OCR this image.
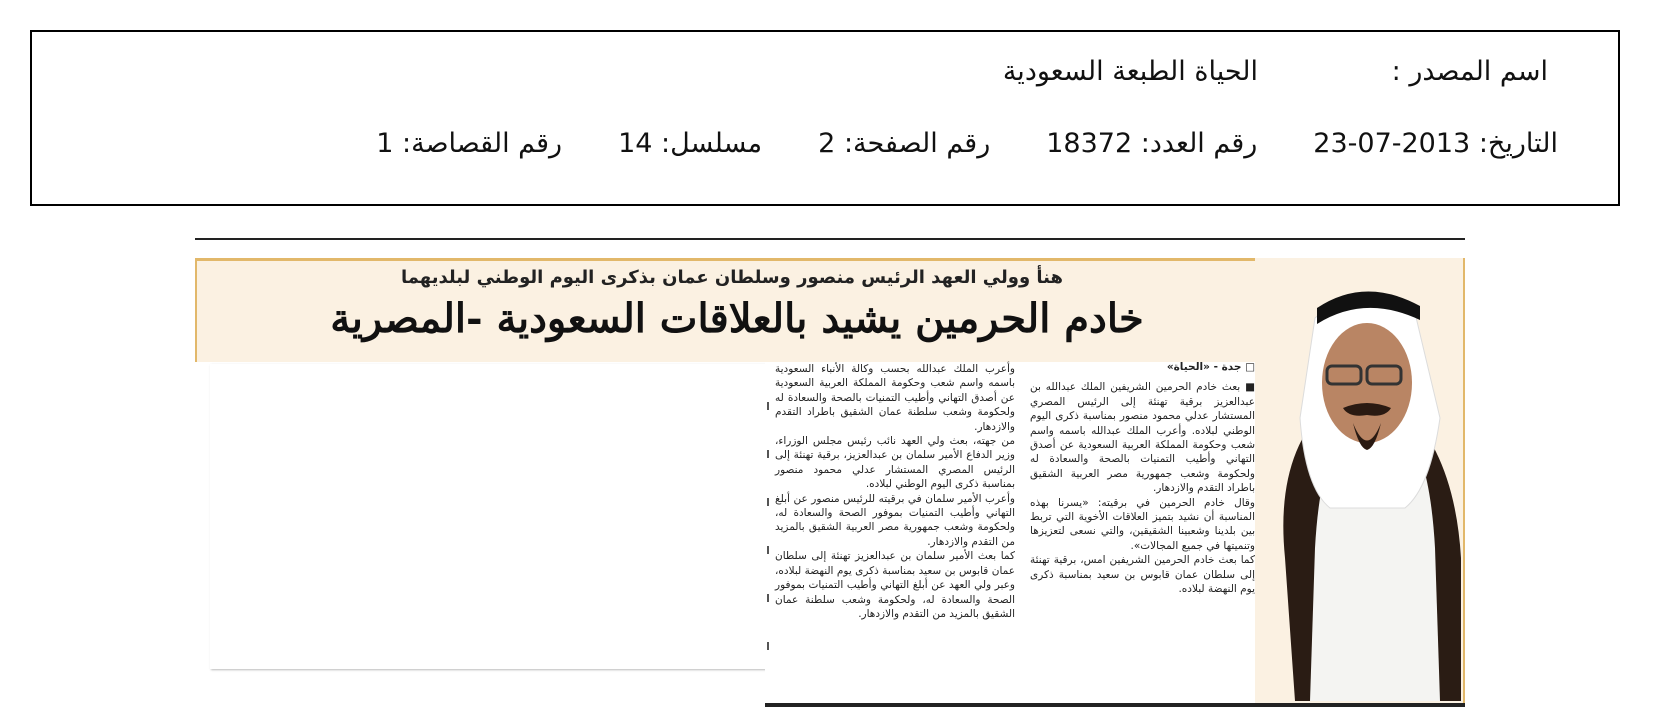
اسم المصدر :الحياة الطبعة السعودية
التاريخ: 23-07-2013رقم العدد: 18372رقم الصفحة: 2مسلسل: 14رقم القصاصة: 1
هنأ وولي العهد الرئيس منصور وسلطان عمان بذكرى اليوم الوطني لبلديهما
خادم الحرمين يشيد بالعلاقات السعودية -المصرية
□ جدة - «الحياة»

■ بعث خادم الحرمين الشريفين الملك عبدالله بن عبدالعزيز برقية تهنئة إلى الرئيس المصري المستشار عدلي محمود منصور بمناسبة ذكرى اليوم الوطني لبلاده. وأعرب الملك عبدالله باسمه واسم شعب وحكومة المملكة العربية السعودية عن أصدق التهاني وأطيب التمنيات بالصحة والسعادة له ولحكومة وشعب جمهورية مصر العربية الشقيق باطراد التقدم والازدهار.

وقال خادم الحرمين في برقيته: «يسرنا بهذه المناسبة أن نشيد بتميز العلاقات الأخوية التي تربط بين بلدينا وشعبينا الشقيقين، والتي نسعى لتعزيزها وتنميتها في جميع المجالات».

كما بعث خادم الحرمين الشريفين امس، برقية تهنئة إلى سلطان عمان قابوس بن سعيد بمناسبة ذكرى يوم النهضة لبلاده.

وأعرب الملك عبدالله بحسب وكالة الأنباء السعودية باسمه واسم شعب وحكومة المملكة العربية السعودية عن أصدق التهاني وأطيب التمنيات بالصحة والسعادة له ولحكومة وشعب سلطنة عمان الشقيق باطراد التقدم والازدهار.

من جهته، بعث ولي العهد نائب رئيس مجلس الوزراء، وزير الدفاع الأمير سلمان بن عبدالعزيز، برقية تهنئة إلى الرئيس المصري المستشار عدلي محمود منصور بمناسبة ذكرى اليوم الوطني لبلاده.

وأعرب الأمير سلمان في برقيته للرئيس منصور عن أبلغ التهاني وأطيب التمنيات بموفور الصحة والسعادة له، ولحكومة وشعب جمهورية مصر العربية الشقيق بالمزيد من التقدم والازدهار.

كما بعث الأمير سلمان بن عبدالعزيز تهنئة إلى سلطان عمان قابوس بن سعيد بمناسبة ذكرى يوم النهضة لبلاده، وعبر ولي العهد عن أبلغ التهاني وأطيب التمنيات بموفور الصحة والسعادة له، ولحكومة وشعب سلطنة عمان الشقيق بالمزيد من التقدم والازدهار.
